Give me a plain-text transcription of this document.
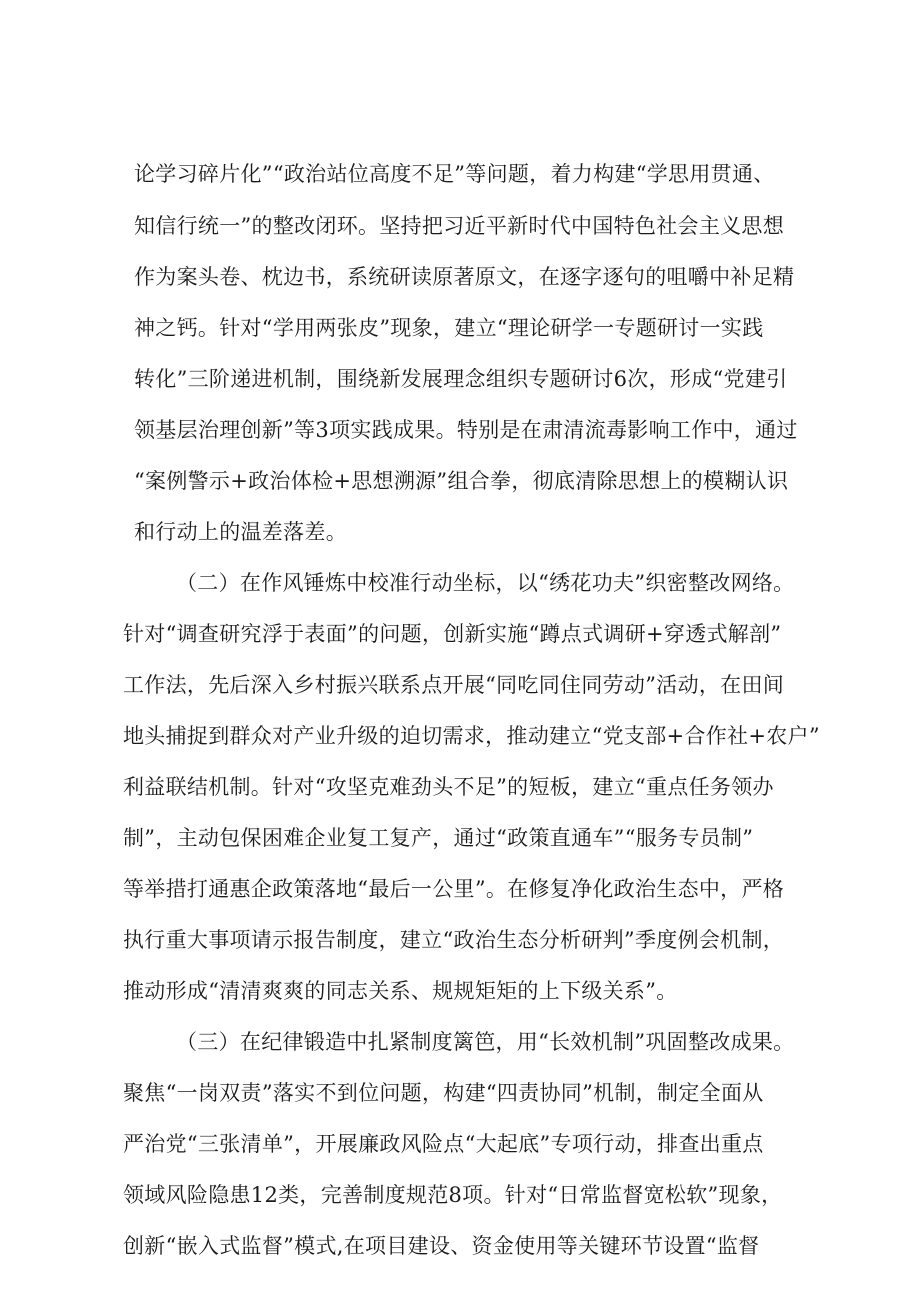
论学习碎片化”“政治站位高度不足”等问题，着力构建“学思用贯通、
知信行统一”的整改闭环。坚持把习近平新时代中国特色社会主义思想
作为案头卷、枕边书，系统研读原著原文，在逐字逐句的咀嚼中补足精
神之钙。针对“学用两张皮”现象，建立“理论研学一专题研讨一实践
转化”三阶递进机制，围绕新发展理念组织专题研讨6次，形成“党建引
领基层治理创新”等3项实践成果。特别是在肃清流毒影响工作中，通过
“案例警示+政治体检+思想溯源”组合拳，彻底清除思想上的模糊认识
和行动上的温差落差。
（二）在作风锤炼中校准行动坐标，以“绣花功夫”织密整改网络。
针对“调查研究浮于表面”的问题，创新实施“蹲点式调研+穿透式解剖”
工作法，先后深入乡村振兴联系点开展“同吃同住同劳动”活动，在田间
地头捕捉到群众对产业升级的迫切需求，推动建立“党支部+合作社+农户”
利益联结机制。针对“攻坚克难劲头不足”的短板，建立“重点任务领办
制”，主动包保困难企业复工复产，通过“政策直通车”“服务专员制”
等举措打通惠企政策落地“最后一公里”。在修复净化政治生态中，严格
执行重大事项请示报告制度，建立“政治生态分析研判”季度例会机制，
推动形成“清清爽爽的同志关系、规规矩矩的上下级关系”。
（三）在纪律锻造中扎紧制度篱笆，用“长效机制”巩固整改成果。
聚焦“一岗双责”落实不到位问题，构建“四责协同”机制，制定全面从
严治党“三张清单”，开展廉政风险点“大起底”专项行动，排查出重点
领域风险隐患12类，完善制度规范8项。针对“日常监督宽松软”现象，
创新“嵌入式监督”模式,在项目建设、资金使用等关键环节设置“监督
